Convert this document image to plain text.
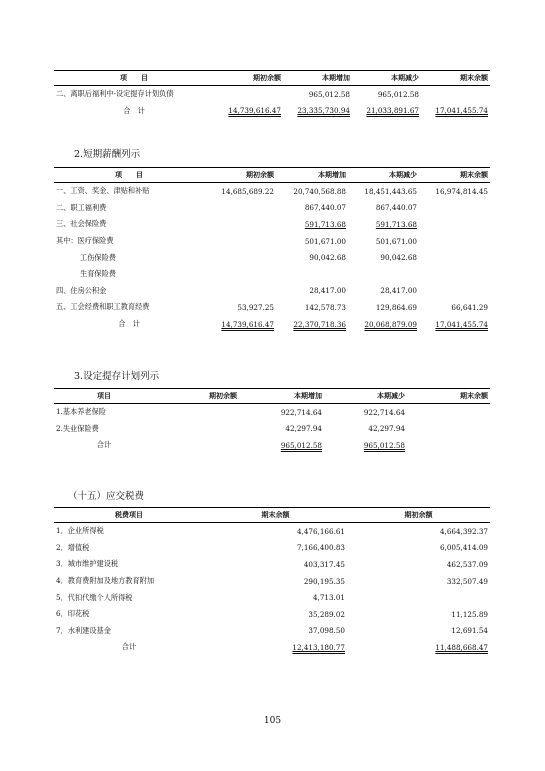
项　　目	期初余额	本期增加	本期减少	期末余额
二、离职后福利中-设定提存计划负债		965,012.58	965,012.58	
合　计	14,739,616.47	23,335,730.94	21,033,891.67	17,041,455.74
2.短期薪酬列示
项　　目	期初余额	本期增加	本期减少	期末余额
一、工资、奖金、津贴和补贴	14,685,689.22	20,740,568.88	18,451,443.65	16,974,814.45
二、职工福利费		867,440.07	867,440.07	
三、社会保险费		591,713.68	591,713.68	
其中：医疗保险费		501,671.00	501,671.00	
工伤保险费		90,042.68	90,042.68	
生育保险费				
四、住房公积金		28,417.00	28,417.00	
五、工会经费和职工教育经费	53,927.25	142,578.73	129,864.69	66,641.29
合　计	14,739,616.47	22,370,718.36	20,068,879.09	17,041,455.74
3.设定提存计划列示
项目	期初余额	本期增加	本期减少	期末余额
1.基本养老保险		922,714.64	922,714.64	
2.失业保险费		42,297.94	42,297.94	
合计		965,012.58	965,012.58	
（十五）应交税费
税费项目	期末余额	期初余额
1．企业所得税	4,476,166.61	4,664,392.37
2．增值税	7,166,400.83	6,005,414.09
3．城市维护建设税	403,317.45	462,537.09
4．教育费附加及地方教育附加	290,195.35	332,507.49
5．代扣代缴个人所得税	4,713.01	
6．印花税	35,289.02	11,125.89
7．水利建设基金	37,098.50	12,691.54
合计	12,413,180.77	11,488,668.47
105
